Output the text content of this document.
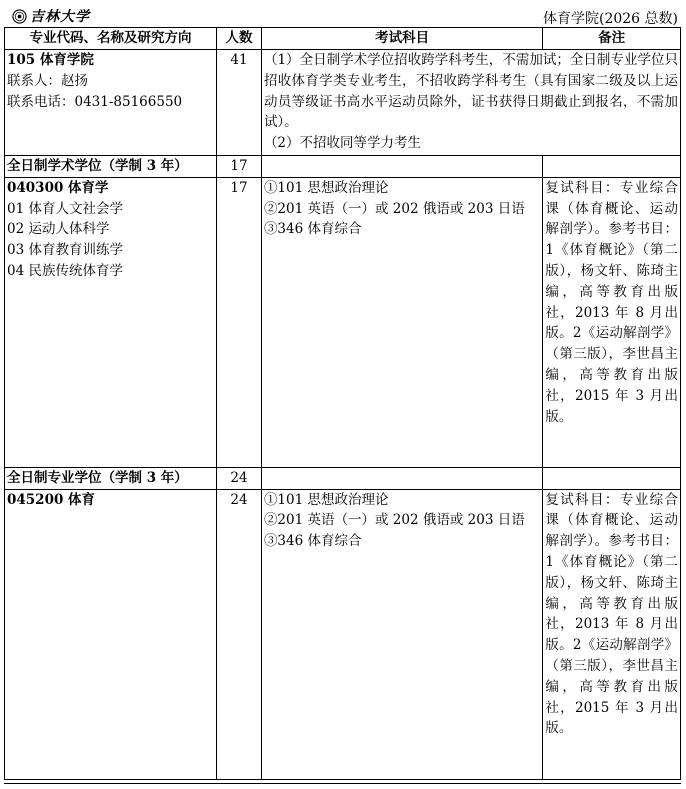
吉林大学	体育学院(2026 总数)
专业代码、名称及研究方向	人数	考试科目	备注

105 体育学院
联系人：赵扬
联系电话：0431-85166550	41	（1）全日制学术学位招收跨学科考生，不需加试；全日制专业学位只招收体育学类专业考生，不招收跨学科考生（具有国家二级及以上运动员等级证书高水平运动员除外，证书获得日期截止到报名，不需加试）。
（2）不招收同等学力考生	

全日制学术学位（学制 3 年）	17		

040300 体育学
01 体育人文社会学
02 运动人体科学
03 体育教育训练学
04 民族传统体育学	17	①101 思想政治理论
②201 英语（一）或 202 俄语或 203 日语
③346 体育综合	复试科目：专业综合课（体育概论、运动解剖学）。参考书目：1《体育概论》（第二版），杨文轩、陈琦主编，高等教育出版社，2013 年 8 月出版。2《运动解剖学》（第三版），李世昌主编，高等教育出版社，2015 年 3 月出版。
全日制专业学位（学制 3 年）	24		

045200 体育	24	①101 思想政治理论
②201 英语（一）或 202 俄语或 203 日语
③346 体育综合	复试科目：专业综合课（体育概论、运动解剖学）。参考书目：1《体育概论》（第二版），杨文轩、陈琦主编，高等教育出版社，2013 年 8 月出版。2《运动解剖学》（第三版），李世昌主编，高等教育出版社，2015 年 3 月出版。
